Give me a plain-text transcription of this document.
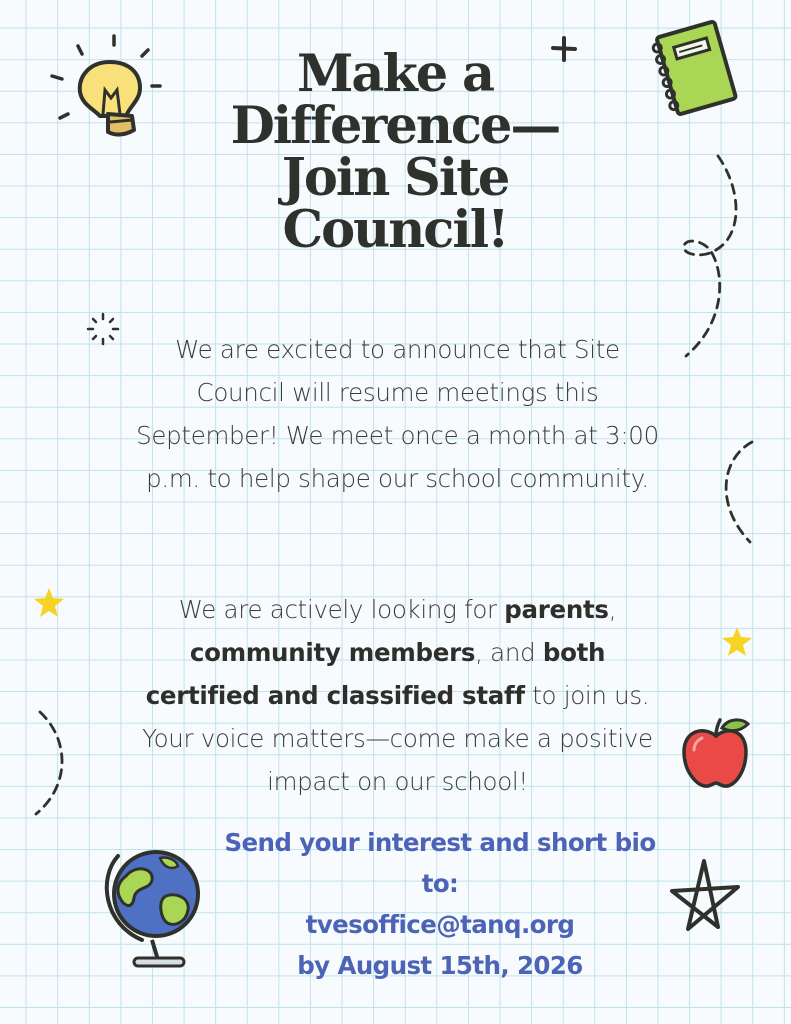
Make a
Difference—
Join Site
Council!

We are excited to announce that Site Council will resume meetings this September! We meet once a month at 3:00 p.m. to help shape our school community.

We are actively looking for parents, community members, and both certified and classified staff to join us. Your voice matters—come make a positive impact on our school!

Send your interest and short bio
to:
tvesoffice@tanq.org
by August 15th, 2026
